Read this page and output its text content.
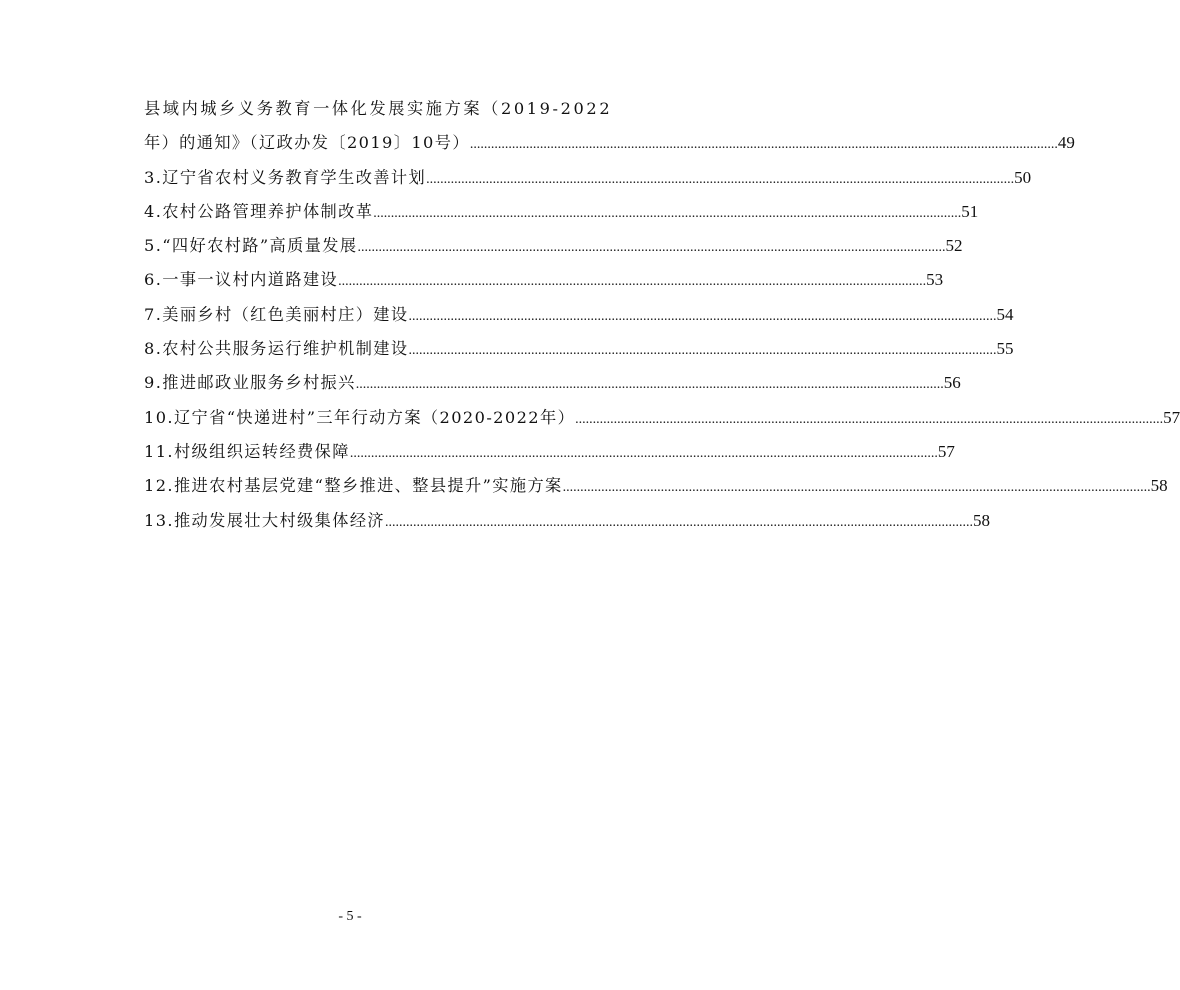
县域内城乡义务教育一体化发展实施方案（2019-2022
年）的通知》（辽政办发〔2019〕10号） .....	49
3.辽宁省农村义务教育学生改善计划 .....	50
4.农村公路管理养护体制改革 .....	51
5.“四好农村路”高质量发展 .....	52
6.一事一议村内道路建设 .....	53
7.美丽乡村（红色美丽村庄）建设 .....	54
8.农村公共服务运行维护机制建设 .....	55
9.推进邮政业服务乡村振兴 .....	56
10.辽宁省“快递进村”三年行动方案（2020-2022年） .....	57
11.村级组织运转经费保障 .....	57
12.推进农村基层党建“整乡推进、整县提升”实施方案 .....	58
13.推动发展壮大村级集体经济 .....	58
- 5 -
